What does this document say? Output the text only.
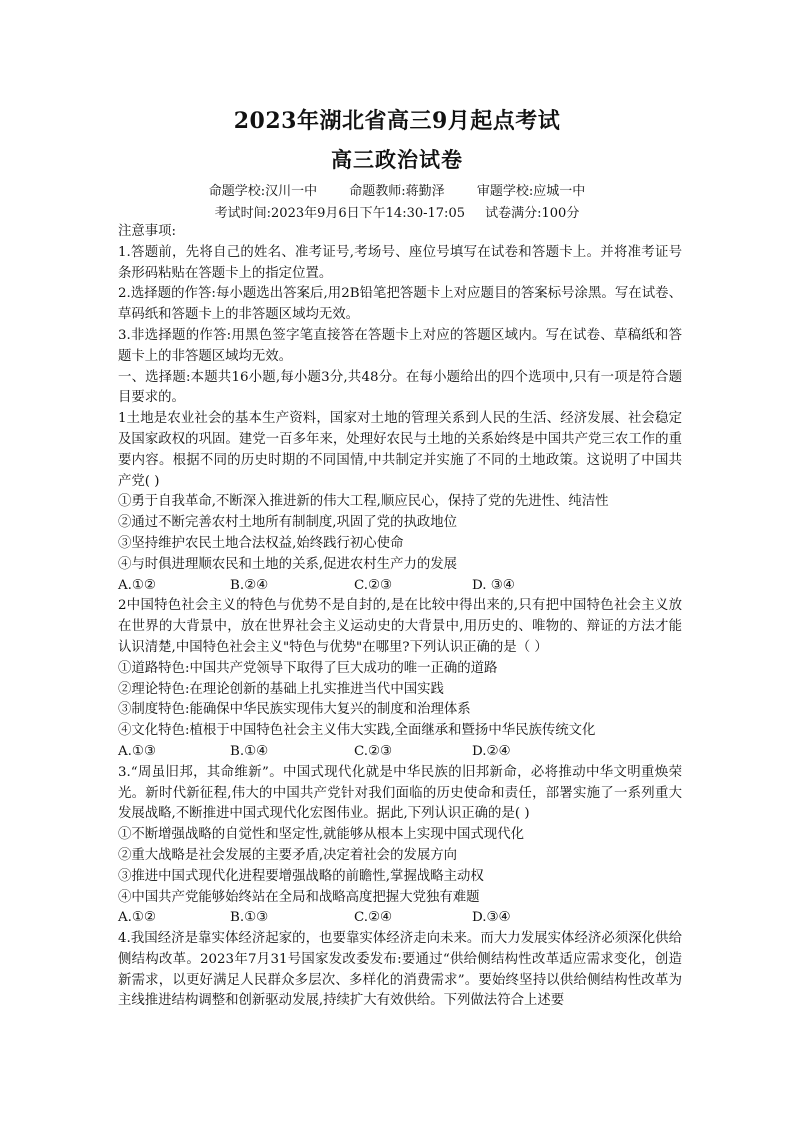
2023年湖北省高三9月起点考试
高三政治试卷
命题学校:汉川一中 命题教师:蒋勤泽 审题学校:应城一中
考试时间:2023年9月6日下午14:30-17:05 试卷满分:100分

注意事项:

1.答题前，先将自己的姓名、准考证号,考场号、座位号填写在试卷和答题卡上。并将准考证号条形码粘贴在答题卡上的指定位置。

2.选择题的作答:每小题选出答案后,用2B铅笔把答题卡上对应题目的答案标号涂黑。写在试卷、草码纸和答题卡上的非答题区域均无效。

3.非选择题的作答:用黑色签字笔直接答在答题卡上对应的答题区域内。写在试卷、草稿纸和答题卡上的非答题区域均无效。

一、选择题:本题共16小题,每小题3分,共48分。在每小题给出的四个选项中,只有一项是符合题目要求的。

1土地是农业社会的基本生产资料，国家对土地的管理关系到人民的生活、经济发展、社会稳定及国家政权的巩固。建党一百多年来，处理好农民与土地的关系始终是中国共产党三农工作的重要内容。根据不同的历史时期的不同国情,中共制定并实施了不同的土地政策。这说明了中国共产党( )

①勇于自我革命,不断深入推进新的伟大工程,顺应民心，保持了党的先进性、纯洁性

②通过不断完善农村土地所有制制度,巩固了党的执政地位

③坚持维护农民土地合法权益,始终践行初心使命

④与时俱进理顺农民和土地的关系,促进农村生产力的发展

A.①②	B.②④	C.②③	D. ③④

2中国特色社会主义的特色与优势不是自封的,是在比较中得出来的,只有把中国特色社会主义放在世界的大背景中，放在世界社会主义运动史的大背景中,用历史的、唯物的、辩证的方法才能认识清楚,中国特色社会主义"特色与优势"在哪里?下列认识正确的是（ ）

①道路特色:中国共产党领导下取得了巨大成功的唯一正确的道路

②理论特色:在理论创新的基础上扎实推进当代中国实践

③制度特色:能确保中华民族实现伟大复兴的制度和治理体系

④文化特色:植根于中国特色社会主义伟大实践,全面继承和暨扬中华民族传统文化

A.①③	B.①④	C.②③	D.②④

3.“周虽旧邦，其命维新”。中国式现代化就是中华民族的旧邦新命，必将推动中华文明重焕荣光。新时代新征程,伟大的中国共产党针对我们面临的历史使命和责任，部署实施了一系列重大发展战略,不断推进中国式现代化宏图伟业。据此,下列认识正确的是( )

①不断增强战略的自觉性和坚定性,就能够从根本上实现中国式现代化

②重大战略是社会发展的主要矛盾,决定着社会的发展方向

③推进中国式现代化进程要增强战略的前瞻性,掌握战略主动权

④中国共产党能够始终站在全局和战略高度把握大党独有难题

A.①②	B.①③	C.②④	D.③④

4.我国经济是靠实体经济起家的，也要靠实体经济走向未来。而大力发展实体经济必须深化供给侧结构改革。2023年7月31号国家发改委发布:要通过“供给侧结构性改革适应需求变化，创造新需求，以更好满足人民群众多层次、多样化的消费需求”。要始终坚持以供给侧结构性改革为主线推进结构调整和创新驱动发展,持续扩大有效供给。下列做法符合上述要
